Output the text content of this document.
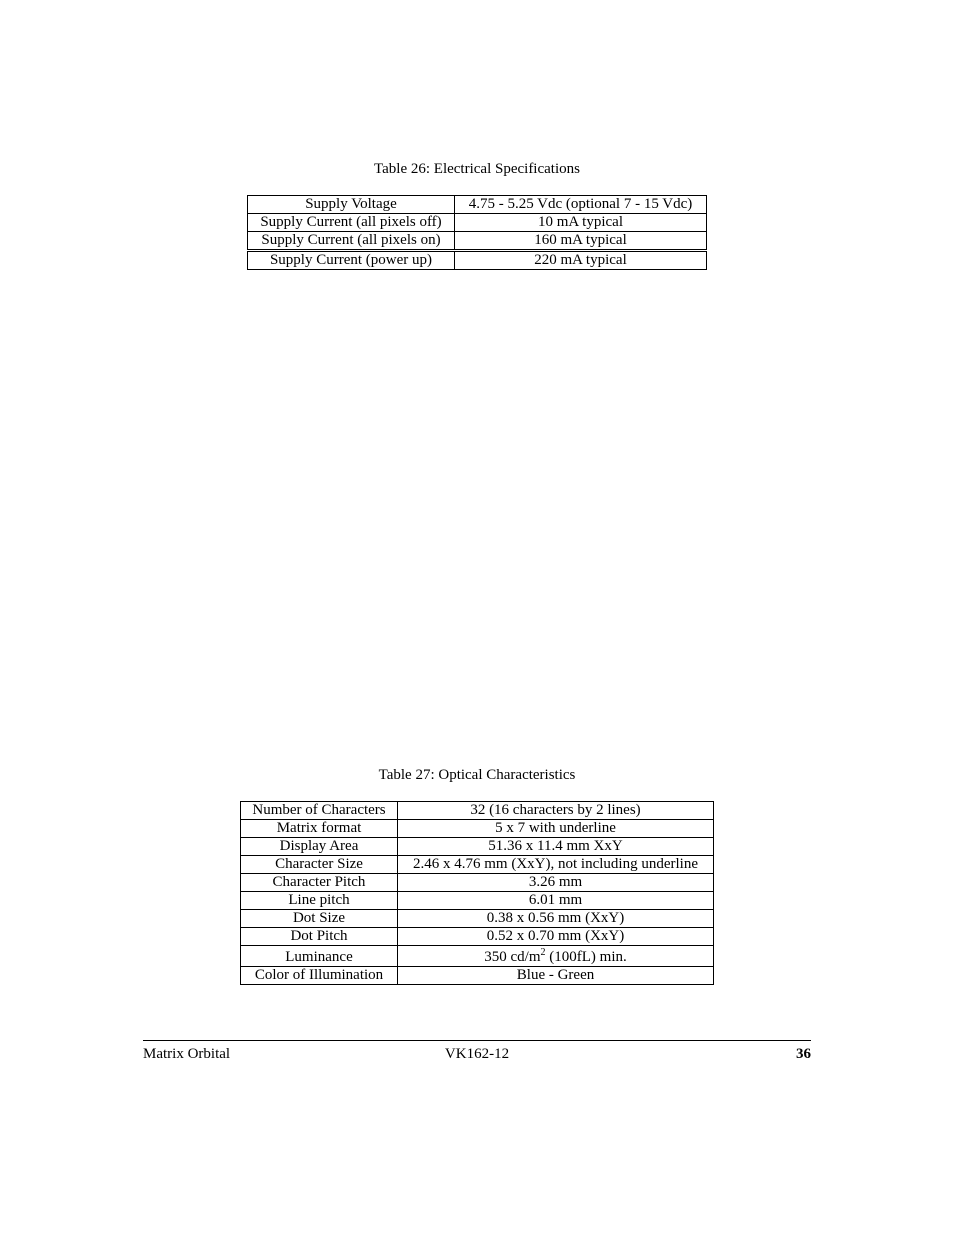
Table 26: Electrical Specifications
Supply Voltage	4.75 - 5.25 Vdc (optional 7 - 15 Vdc)
Supply Current (all pixels off)	10 mA typical
Supply Current (all pixels on)	160 mA typical
Supply Current (power up)	220 mA typical
Table 27: Optical Characteristics
Number of Characters	32 (16 characters by 2 lines)
Matrix format	5 x 7 with underline
Display Area	51.36 x 11.4 mm XxY
Character Size	2.46 x 4.76 mm (XxY), not including underline
Character Pitch	3.26 mm
Line pitch	6.01 mm
Dot Size	0.38 x 0.56 mm (XxY)
Dot Pitch	0.52 x 0.70 mm (XxY)
Luminance	350 $cd/m^2$ (100fL) min.
Color of Illumination	Blue - Green
Matrix Orbital	VK162-12	36
